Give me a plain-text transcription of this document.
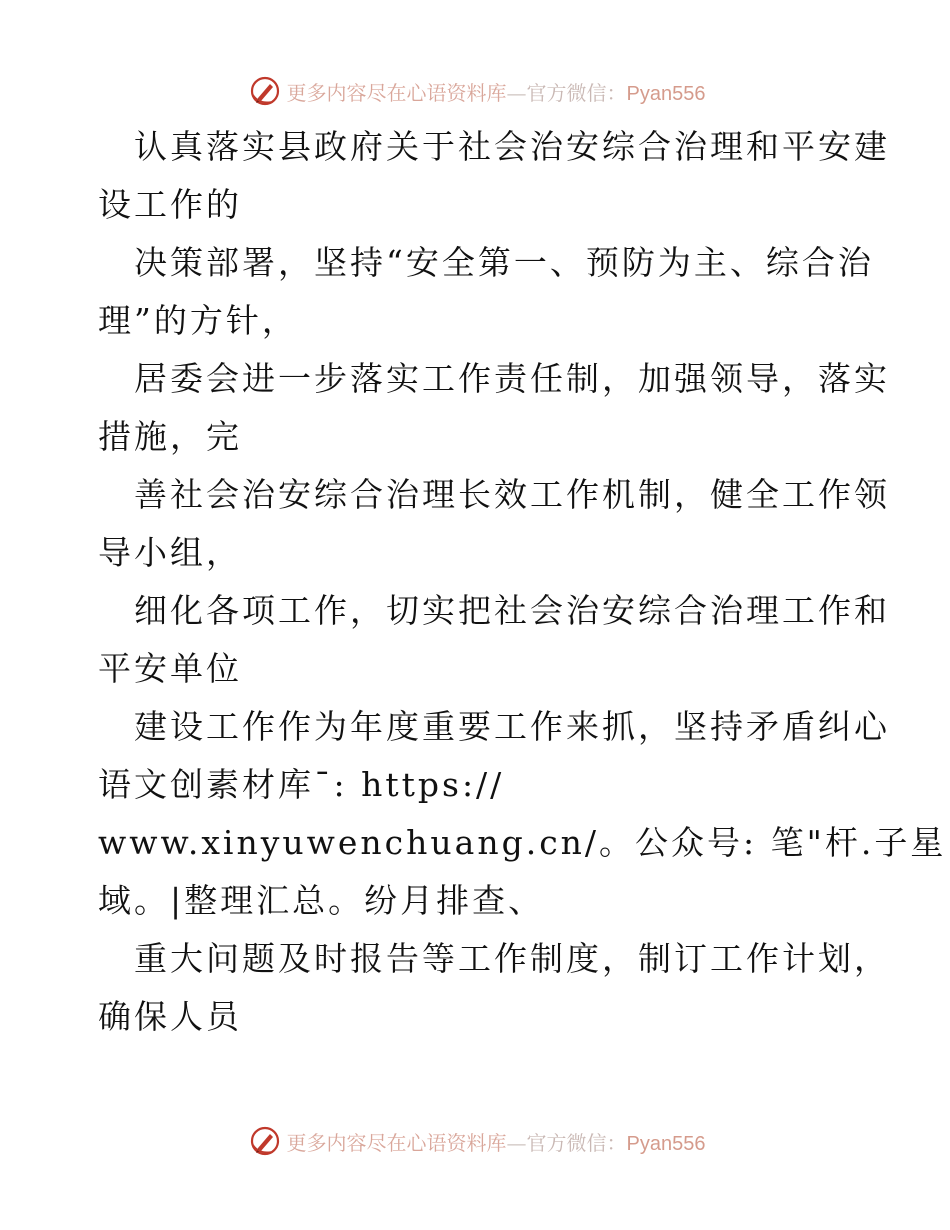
更多内容尽在心语资料库—官方微信：Pyan556
认真落实县政府关于社会治安综合治理和平安建
设工作的
决策部署，坚持“安全第一、预防为主、综合治
理”的方针，
居委会进一步落实工作责任制，加强领导，落实
措施，完
善社会治安综合治理长效工作机制，健全工作领
导小组，
细化各项工作，切实把社会治安综合治理工作和
平安单位
建设工作作为年度重要工作来抓，坚持矛盾纠心
语文创素材库¯: https://
www.xinyuwenchuang.cn/。公众号: 笔"杆.子星
域。|整理汇总。纷月排查、
重大问题及时报告等工作制度，制订工作计划，
确保人员
更多内容尽在心语资料库—官方微信：Pyan556
